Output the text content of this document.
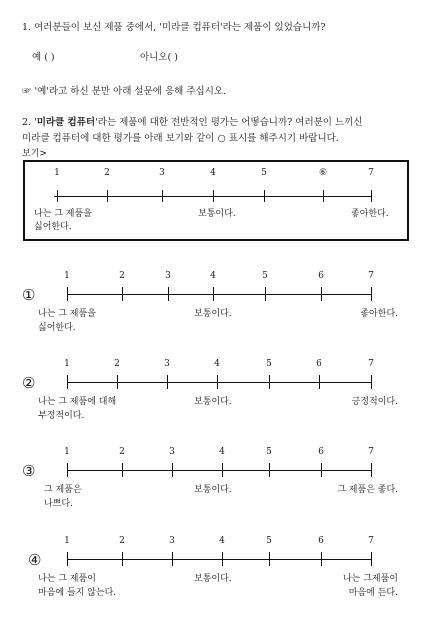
1. 여러분들이 보신 제품 중에서, '미라클 컴퓨터'라는 제품이 있었습니까?
예 ( )	아니오( )
☞ '예'라고 하신 분만 아래 설문에 응해 주십시오.
2. '미라클 컴퓨터'라는 제품에 대한 전반적인 평가는 어떻습니까? 여러분이 느끼신
미라클 컴퓨터에 대한 평가를 아래 보기와 같이 ○ 표시를 해주시기 바랍니다.
보기>
1	2	3	4	5	⑥	7
나는 그 제품을
싫어한다.
보통이다.	좋아한다.
①
1	2	3	4	5	6	7
나는 그 제품을
싫어한다.
보통이다.	좋아한다.
②
1	2	3	4	5	6	7
나는 그 제품에 대해
부정적이다.
보통이다.	긍정적이다.
③
1	2	3	4	5	6	7
그 제품은
나쁘다.
보통이다.	그 제품은 좋다.
④
1	2	3	4	5	6	7
나는 그 제품이
마음에 들지 않는다.
보통이다.	나는 그제품이
마음에 든다.
